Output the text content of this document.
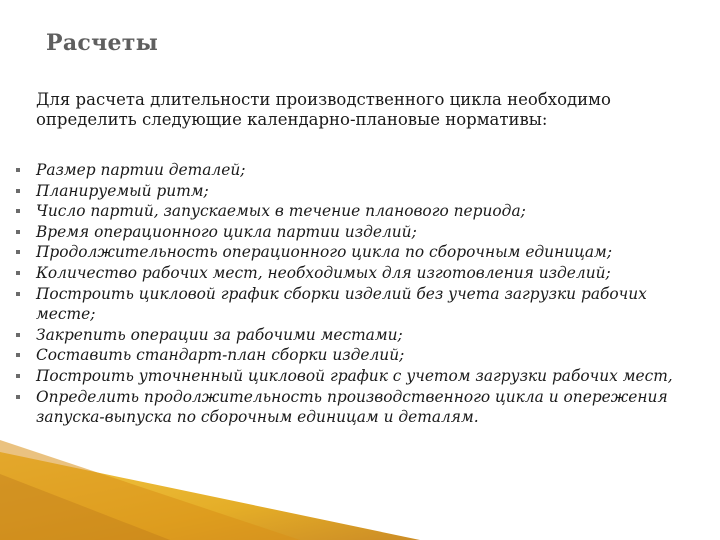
Расчеты
Для расчета длительности производственного цикла необходимо определить следующие календарно-плановые нормативы:
Размер партии деталей;
Планируемый ритм;
Число партий, запускаемых в течение планового периода;
Время операционного цикла партии изделий;
Продолжительность операционного цикла по сборочным единицам;
Количество рабочих мест, необходимых для изготовления изделий;
Построить цикловой график сборки изделий без учета загрузки рабочих месте;
Закрепить операции за рабочими местами;
Составить стандарт-план сборки изделий;
Построить уточненный цикловой график с учетом загрузки рабочих мест,
Определить продолжительность производственного цикла и опережения запуска-выпуска по сборочным единицам и деталям.
